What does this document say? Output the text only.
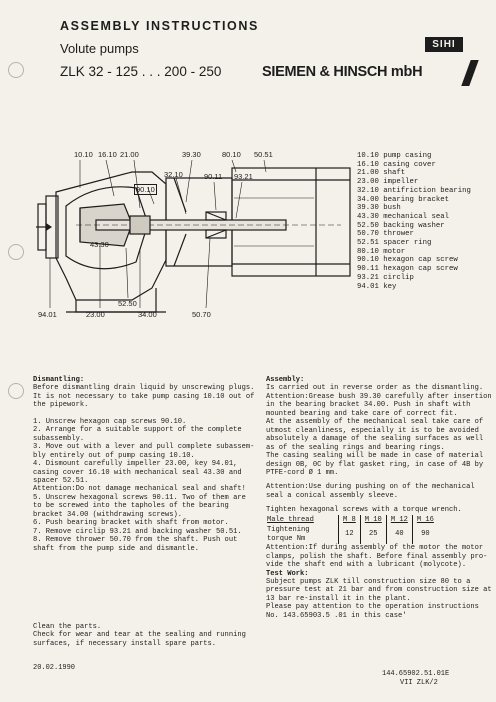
ASSEMBLY INSTRUCTIONS
Volute pumps
ZLK 32 - 125 . . . 200 - 250	SIEMEN & HINSCH mbH
SIHI
10.10 16.10 21.00	39.30	80.10 50.51
32.10	90.11 93.21
90.10
43.30
52.50
94.01	23.00	34.00	50.70
10.10 pump casing
16.10 casing cover
21.00 shaft
23.00 impeller
32.10 antifriction bearing
34.00 bearing bracket
39.30 bush
43.30 mechanical seal
52.50 backing washer
50.70 thrower
52.51 spacer ring
80.10 motor
90.10 hexagon cap screw
90.11 hexagon cap screw
93.21 circlip
94.01 key
Dismantling:
Before dismantling drain liquid by unscrewing plugs.
It is not necessary to take pump casing 10.10 out of
the pipework.
1. Unscrew hexagon cap screws 90.10.
2. Arrange for a suitable support of the complete
subassembly.
3. Move out with a lever and pull complete subassem-
bly entirely out of pump casing 10.10.
4. Dismount carefully impeller 23.00, key 94.01,
casing cover 16.10 with mechanical seal 43.30 and
spacer 52.51.
Attention:Do not damage mechanical seal and shaft!
5. Unscrew hexagonal screws 90.11. Two of them are
to be screwed into the tapholes of the bearing
bracket 34.00 (withdrawing screws).
6. Push bearing bracket with shaft from motor.
7. Remove circlip 93.21 and backing washer 50.51.
8. Remove thrower 50.70 from the shaft. Push out
shaft from the pump side and dismantle.
Clean the parts.
Check for wear and tear at the sealing and running
surfaces, if necessary install spare parts.
Assembly:
Is carried out in reverse order as the dismantling.
Attention:Grease bush 39.30 carefully after insertion
in the bearing bracket 34.00. Push in shaft with
mounted bearing and take care of correct fit.
At the assembly of the mechanical seal take care of
utmost cleanliness, especially it is to be avoided
absolutely a damage of the sealing surfaces as well
as of the sealing rings and bearing rings.
The casing sealing will be made in case of material
design 0B, 0C by flat gasket ring, in case of 4B by
PTFE-cord Ø 1 mm.
Attention:Use during pushing on of the mechanical
seal a conical assembly sleeve.
Tighten hexagonal screws with a torque wrench.
Male thread	M 8	M 10	M 12	M 16
Tightening torque Nm	12	25	40	90
Attention:If during assembly of the motor the motor
clamps, polish the shaft. Before final assembly pro-
vide the shaft end with a lubricant (molycote).
Test Work:
Subject pumps ZLK till construction size 80 to a
pressure test at 21 bar and from construction size at
13 bar re-install it in the plant.
Please pay attention to the operation instructions
No. 143.65903.5 .01 in this case'
20.02.1990
144.65902.51.01E
VII ZLK/2
